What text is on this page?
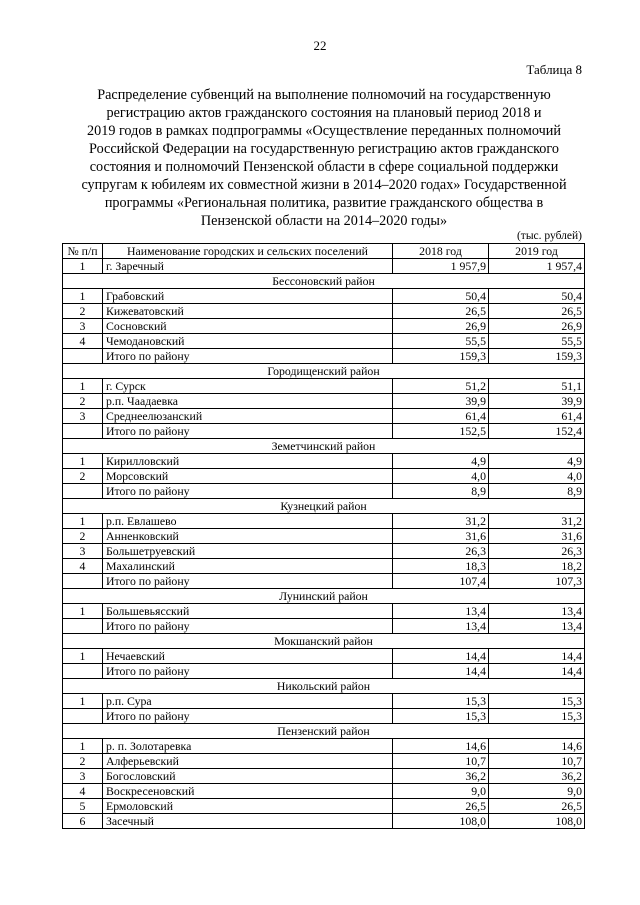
22
Таблица 8
Распределение субвенций на выполнение полномочий на государственную
регистрацию актов гражданского состояния на плановый период 2018 и
2019 годов в рамках подпрограммы «Осуществление переданных полномочий
Российской Федерации на государственную регистрацию актов гражданского
состояния и полномочий Пензенской области в сфере социальной поддержки
супругам к юбилеям их совместной жизни в 2014–2020 годах» Государственной
программы «Региональная политика, развитие гражданского общества в
Пензенской области на 2014–2020 годы»
(тыс. рублей)
№ п/п	Наименование городских и сельских поселений	2018 год	2019 год
1	г. Заречный	1 957,9	1 957,4
Бессоновский район			
1	Грабовский	50,4	50,4
2	Кижеватовский	26,5	26,5
3	Сосновский	26,9	26,9
4	Чемодановский	55,5	55,5
	Итого по району	159,3	159,3
Городищенский район			
1	г. Сурск	51,2	51,1
2	р.п. Чаадаевка	39,9	39,9
3	Среднеелюзанский	61,4	61,4
	Итого по району	152,5	152,4
Земетчинский район			
1	Кирилловский	4,9	4,9
2	Морсовский	4,0	4,0
	Итого по району	8,9	8,9
Кузнецкий район			
1	р.п. Евлашево	31,2	31,2
2	Анненковский	31,6	31,6
3	Большетруевский	26,3	26,3
4	Махалинский	18,3	18,2
	Итого по району	107,4	107,3
Лунинский район			
1	Большевьясский	13,4	13,4
	Итого по району	13,4	13,4
Мокшанский район			
1	Нечаевский	14,4	14,4
	Итого по району	14,4	14,4
Никольский район			
1	р.п. Сура	15,3	15,3
	Итого по району	15,3	15,3
Пензенский район			
1	р. п. Золотаревка	14,6	14,6
2	Алферьевский	10,7	10,7
3	Богословский	36,2	36,2
4	Воскресеновский	9,0	9,0
5	Ермоловский	26,5	26,5
6	Засечный	108,0	108,0
